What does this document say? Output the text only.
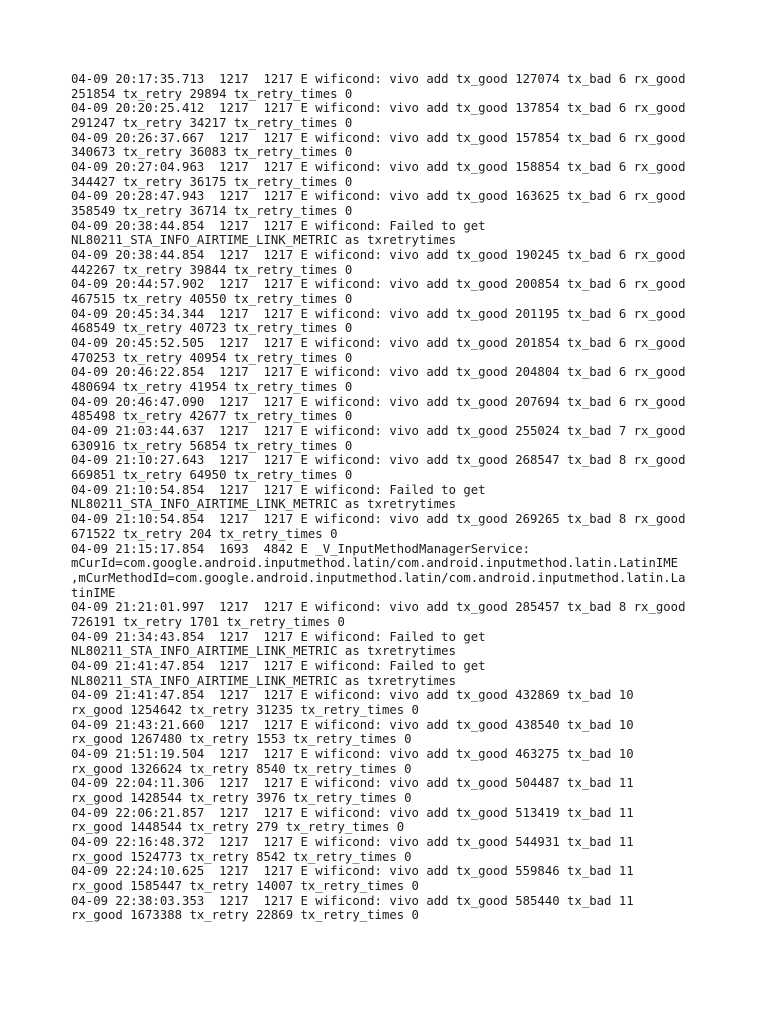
04-09 20:17:35.713  1217  1217 E wificond: vivo add tx_good 127074 tx_bad 6 rx_good

251854 tx_retry 29894 tx_retry_times 0

04-09 20:20:25.412  1217  1217 E wificond: vivo add tx_good 137854 tx_bad 6 rx_good

291247 tx_retry 34217 tx_retry_times 0

04-09 20:26:37.667  1217  1217 E wificond: vivo add tx_good 157854 tx_bad 6 rx_good

340673 tx_retry 36083 tx_retry_times 0

04-09 20:27:04.963  1217  1217 E wificond: vivo add tx_good 158854 tx_bad 6 rx_good

344427 tx_retry 36175 tx_retry_times 0

04-09 20:28:47.943  1217  1217 E wificond: vivo add tx_good 163625 tx_bad 6 rx_good

358549 tx_retry 36714 tx_retry_times 0

04-09 20:38:44.854  1217  1217 E wificond: Failed to get

NL80211_STA_INFO_AIRTIME_LINK_METRIC as txretrytimes

04-09 20:38:44.854  1217  1217 E wificond: vivo add tx_good 190245 tx_bad 6 rx_good

442267 tx_retry 39844 tx_retry_times 0

04-09 20:44:57.902  1217  1217 E wificond: vivo add tx_good 200854 tx_bad 6 rx_good

467515 tx_retry 40550 tx_retry_times 0

04-09 20:45:34.344  1217  1217 E wificond: vivo add tx_good 201195 tx_bad 6 rx_good

468549 tx_retry 40723 tx_retry_times 0

04-09 20:45:52.505  1217  1217 E wificond: vivo add tx_good 201854 tx_bad 6 rx_good

470253 tx_retry 40954 tx_retry_times 0

04-09 20:46:22.854  1217  1217 E wificond: vivo add tx_good 204804 tx_bad 6 rx_good

480694 tx_retry 41954 tx_retry_times 0

04-09 20:46:47.090  1217  1217 E wificond: vivo add tx_good 207694 tx_bad 6 rx_good

485498 tx_retry 42677 tx_retry_times 0

04-09 21:03:44.637  1217  1217 E wificond: vivo add tx_good 255024 tx_bad 7 rx_good

630916 tx_retry 56854 tx_retry_times 0

04-09 21:10:27.643  1217  1217 E wificond: vivo add tx_good 268547 tx_bad 8 rx_good

669851 tx_retry 64950 tx_retry_times 0

04-09 21:10:54.854  1217  1217 E wificond: Failed to get

NL80211_STA_INFO_AIRTIME_LINK_METRIC as txretrytimes

04-09 21:10:54.854  1217  1217 E wificond: vivo add tx_good 269265 tx_bad 8 rx_good

671522 tx_retry 204 tx_retry_times 0

04-09 21:15:17.854  1693  4842 E _V_InputMethodManagerService:

mCurId=com.google.android.inputmethod.latin/com.android.inputmethod.latin.LatinIME

,mCurMethodId=com.google.android.inputmethod.latin/com.android.inputmethod.latin.La

tinIME

04-09 21:21:01.997  1217  1217 E wificond: vivo add tx_good 285457 tx_bad 8 rx_good

726191 tx_retry 1701 tx_retry_times 0

04-09 21:34:43.854  1217  1217 E wificond: Failed to get

NL80211_STA_INFO_AIRTIME_LINK_METRIC as txretrytimes

04-09 21:41:47.854  1217  1217 E wificond: Failed to get

NL80211_STA_INFO_AIRTIME_LINK_METRIC as txretrytimes

04-09 21:41:47.854  1217  1217 E wificond: vivo add tx_good 432869 tx_bad 10

rx_good 1254642 tx_retry 31235 tx_retry_times 0

04-09 21:43:21.660  1217  1217 E wificond: vivo add tx_good 438540 tx_bad 10

rx_good 1267480 tx_retry 1553 tx_retry_times 0

04-09 21:51:19.504  1217  1217 E wificond: vivo add tx_good 463275 tx_bad 10

rx_good 1326624 tx_retry 8540 tx_retry_times 0

04-09 22:04:11.306  1217  1217 E wificond: vivo add tx_good 504487 tx_bad 11

rx_good 1428544 tx_retry 3976 tx_retry_times 0

04-09 22:06:21.857  1217  1217 E wificond: vivo add tx_good 513419 tx_bad 11

rx_good 1448544 tx_retry 279 tx_retry_times 0

04-09 22:16:48.372  1217  1217 E wificond: vivo add tx_good 544931 tx_bad 11

rx_good 1524773 tx_retry 8542 tx_retry_times 0

04-09 22:24:10.625  1217  1217 E wificond: vivo add tx_good 559846 tx_bad 11

rx_good 1585447 tx_retry 14007 tx_retry_times 0

04-09 22:38:03.353  1217  1217 E wificond: vivo add tx_good 585440 tx_bad 11

rx_good 1673388 tx_retry 22869 tx_retry_times 0
